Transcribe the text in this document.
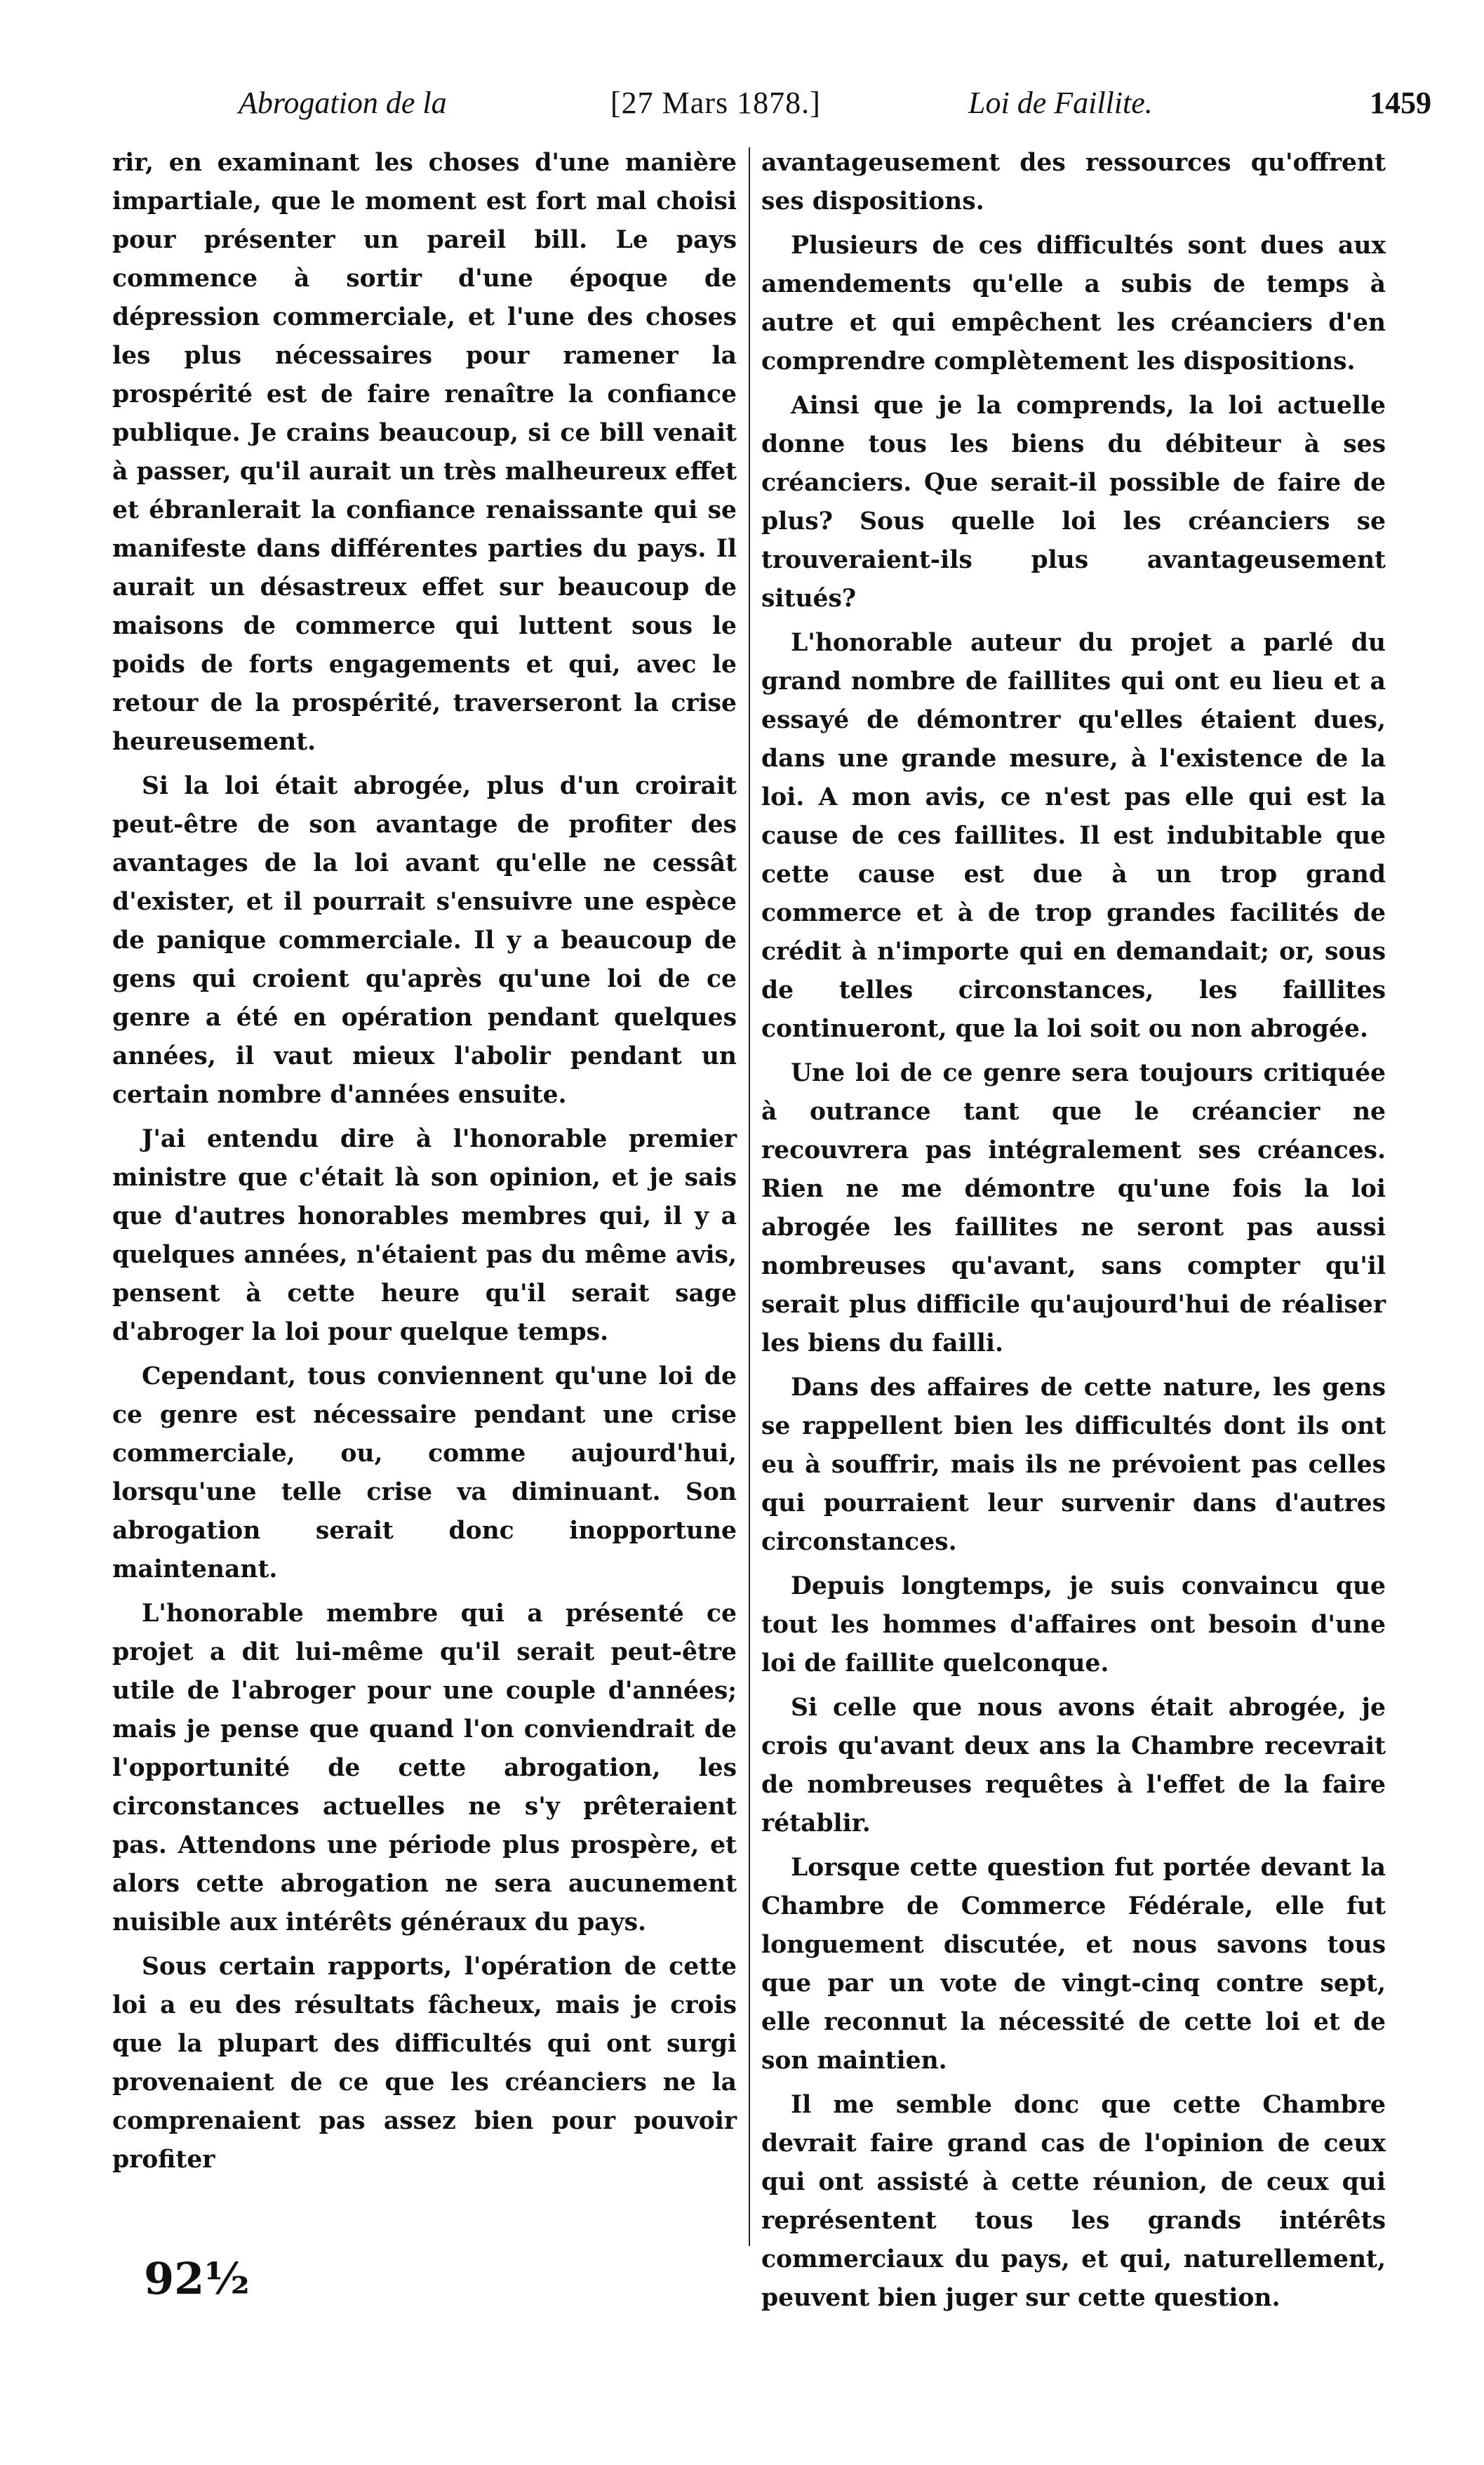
Abrogation de la	[27 Mars 1878.]	Loi de Faillite.	1459

rir, en examinant les choses d'une manière impartiale, que le moment est fort mal choisi pour présenter un pareil bill. Le pays commence à sortir d'une époque de dépression commerciale, et l'une des choses les plus nécessaires pour ramener la prospérité est de faire renaître la confiance publique. Je crains beaucoup, si ce bill venait à passer, qu'il aurait un très malheureux effet et ébranlerait la confiance renaissante qui se manifeste dans différentes parties du pays. Il aurait un désastreux effet sur beaucoup de maisons de commerce qui luttent sous le poids de forts engagements et qui, avec le retour de la prospérité, traverseront la crise heureusement.

Si la loi était abrogée, plus d'un croirait peut-être de son avantage de profiter des avantages de la loi avant qu'elle ne cessât d'exister, et il pourrait s'ensuivre une espèce de panique commerciale. Il y a beaucoup de gens qui croient qu'après qu'une loi de ce genre a été en opération pendant quelques années, il vaut mieux l'abolir pendant un certain nombre d'années ensuite.

J'ai entendu dire à l'honorable premier ministre que c'était là son opinion, et je sais que d'autres honorables membres qui, il y a quelques années, n'étaient pas du même avis, pensent à cette heure qu'il serait sage d'abroger la loi pour quelque temps.

Cependant, tous conviennent qu'une loi de ce genre est nécessaire pendant une crise commerciale, ou, comme aujourd'hui, lorsqu'une telle crise va diminuant. Son abrogation serait donc inopportune maintenant.

L'honorable membre qui a présenté ce projet a dit lui-même qu'il serait peut-être utile de l'abroger pour une couple d'années; mais je pense que quand l'on conviendrait de l'opportunité de cette abrogation, les circonstances actuelles ne s'y prêteraient pas. Attendons une période plus prospère, et alors cette abrogation ne sera aucunement nuisible aux intérêts généraux du pays.

Sous certain rapports, l'opération de cette loi a eu des résultats fâcheux, mais je crois que la plupart des difficultés qui ont surgi provenaient de ce que les créanciers ne la comprenaient pas assez bien pour pouvoir profiter

avantageusement des ressources qu'offrent ses dispositions.

Plusieurs de ces difficultés sont dues aux amendements qu'elle a subis de temps à autre et qui empêchent les créanciers d'en comprendre complètement les dispositions.

Ainsi que je la comprends, la loi actuelle donne tous les biens du débiteur à ses créanciers. Que serait-il possible de faire de plus? Sous quelle loi les créanciers se trouveraient-ils plus avantageusement situés?

L'honorable auteur du projet a parlé du grand nombre de faillites qui ont eu lieu et a essayé de démontrer qu'elles étaient dues, dans une grande mesure, à l'existence de la loi. A mon avis, ce n'est pas elle qui est la cause de ces faillites. Il est indubitable que cette cause est due à un trop grand commerce et à de trop grandes facilités de crédit à n'importe qui en demandait; or, sous de telles circonstances, les faillites continueront, que la loi soit ou non abrogée.

Une loi de ce genre sera toujours critiquée à outrance tant que le créancier ne recouvrera pas intégralement ses créances. Rien ne me démontre qu'une fois la loi abrogée les faillites ne seront pas aussi nombreuses qu'avant, sans compter qu'il serait plus difficile qu'aujourd'hui de réaliser les biens du failli.

Dans des affaires de cette nature, les gens se rappellent bien les difficultés dont ils ont eu à souffrir, mais ils ne prévoient pas celles qui pourraient leur survenir dans d'autres circonstances.

Depuis longtemps, je suis convaincu que tout les hommes d'affaires ont besoin d'une loi de faillite quelconque.

Si celle que nous avons était abrogée, je crois qu'avant deux ans la Chambre recevrait de nombreuses requêtes à l'effet de la faire rétablir.

Lorsque cette question fut portée devant la Chambre de Commerce Fédérale, elle fut longuement discutée, et nous savons tous que par un vote de vingt-cinq contre sept, elle reconnut la nécessité de cette loi et de son maintien.

Il me semble donc que cette Chambre devrait faire grand cas de l'opinion de ceux qui ont assisté à cette réunion, de ceux qui représentent tous les grands intérêts commerciaux du pays, et qui, naturellement, peuvent bien juger sur cette question.

92½
